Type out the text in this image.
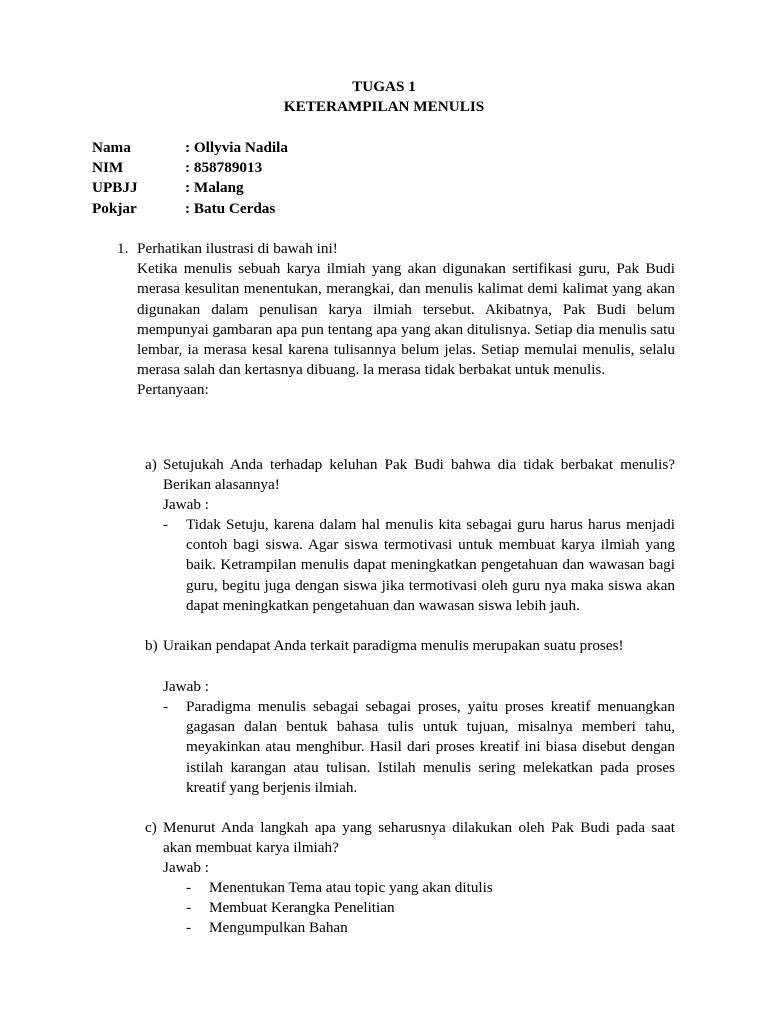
TUGAS 1
KETERAMPILAN MENULIS
Nama	: Ollyvia Nadila
NIM	: 858789013
UPBJJ	: Malang
Pokjar	: Batu Cerdas
1. Perhatikan ilustrasi di bawah ini!

Ketika menulis sebuah karya ilmiah yang akan digunakan sertifikasi guru, Pak Budi merasa kesulitan menentukan, merangkai, dan menulis kalimat demi kalimat yang akan digunakan dalam penulisan karya ilmiah tersebut. Akibatnya, Pak Budi belum mempunyai gambaran apa pun tentang apa yang akan ditulisnya. Setiap dia menulis satu lembar, ia merasa kesal karena tulisannya belum jelas. Setiap memulai menulis, selalu merasa salah dan kertasnya dibuang. la merasa tidak berbakat untuk menulis.

Pertanyaan:

a) Setujukah Anda terhadap keluhan Pak Budi bahwa dia tidak berbakat menulis? Berikan alasannya!

Jawab :
- Tidak Setuju, karena dalam hal menulis kita sebagai guru harus harus menjadi contoh bagi siswa. Agar siswa termotivasi untuk membuat karya ilmiah yang baik. Ketrampilan menulis dapat meningkatkan pengetahuan dan wawasan bagi guru, begitu juga dengan siswa jika termotivasi oleh guru nya maka siswa akan dapat meningkatkan pengetahuan dan wawasan siswa lebih jauh.

b) Uraikan pendapat Anda terkait paradigma menulis merupakan suatu proses!

Jawab :
- Paradigma menulis sebagai sebagai proses, yaitu proses kreatif menuangkan gagasan dalan bentuk bahasa tulis untuk tujuan, misalnya memberi tahu, meyakinkan atau menghibur. Hasil dari proses kreatif ini biasa disebut dengan istilah karangan atau tulisan. Istilah menulis sering melekatkan pada proses kreatif yang berjenis ilmiah.

c) Menurut Anda langkah apa yang seharusnya dilakukan oleh Pak Budi pada saat akan membuat karya ilmiah?

Jawab :
- Menentukan Tema atau topic yang akan ditulis
- Membuat Kerangka Penelitian
- Mengumpulkan Bahan
